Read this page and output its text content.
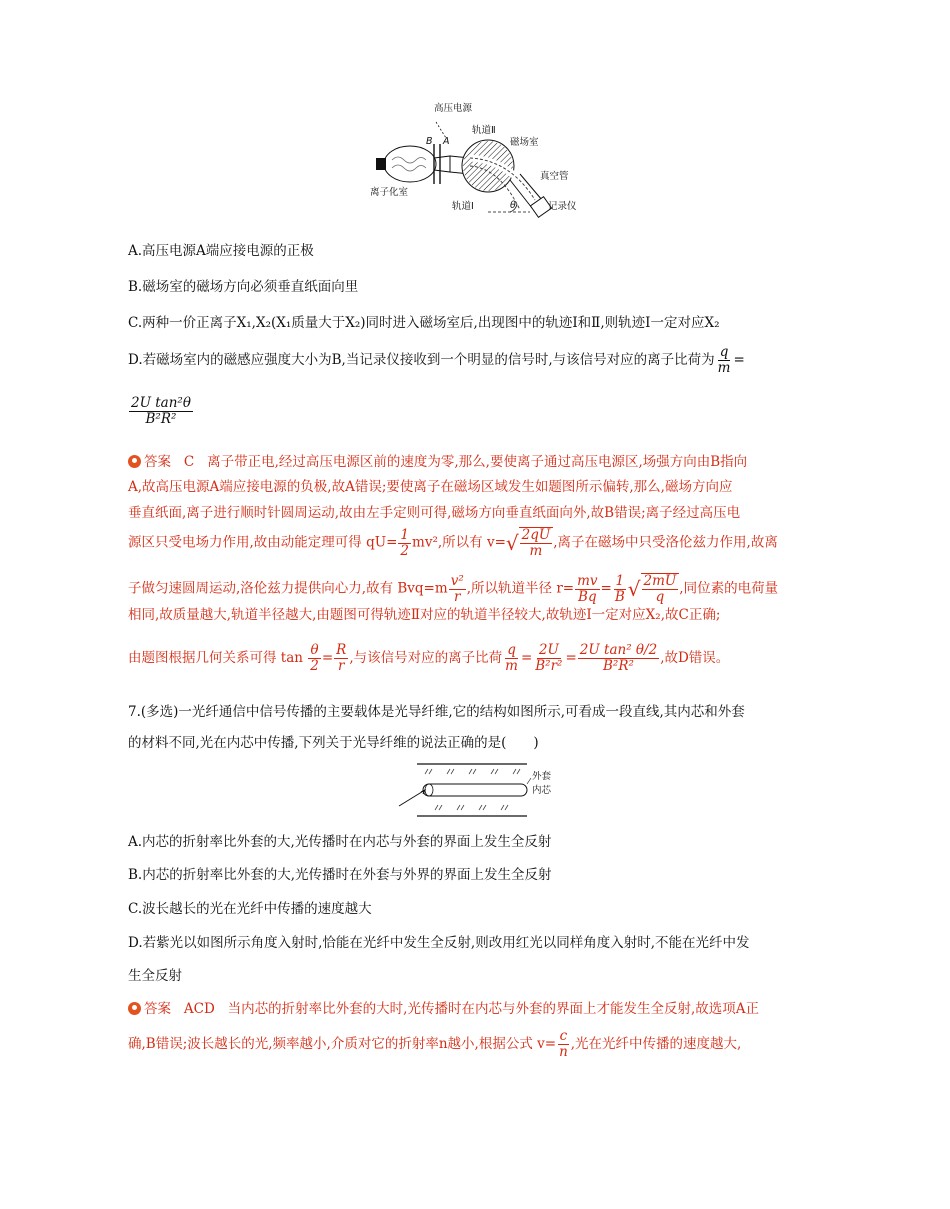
高压电源
B A
轨道Ⅱ
磁场室
离子化室
真空管
轨道Ⅰ	θ	记录仪
A.高压电源A端应接电源的正极
B.磁场室的磁场方向必须垂直纸面向里
C.两种一价正离子X₁,X₂(X₁质量大于X₂)同时进入磁场室后,出现图中的轨迹Ⅰ和Ⅱ,则轨迹Ⅰ一定对应X₂
D.若磁场室内的磁感应强度大小为B,当记录仪接收到一个明显的信号时,与该信号对应的离子比荷为 $\frac{q}{m}$ =
$\frac{\text{2U tan²θ}}{\text{B²R²}}$
答案 C 离子带正电,经过高压电源区前的速度为零,那么,要使离子通过高压电源区,场强方向由B指向
A,故高压电源A端应接电源的负极,故A错误;要使离子在磁场区域发生如题图所示偏转,那么,磁场方向应
垂直纸面,离子进行顺时针圆周运动,故由左手定则可得,磁场方向垂直纸面向外,故B错误;离子经过高压电
源区只受电场力作用,故由动能定理可得 $qU= \frac{1}{2} mv^2$,所以有 v= √ $\frac{2qU}{m}$ ,离子在磁场中只受洛伦兹力作用,故离
子做匀速圆周运动,洛伦兹力提供向心力,故有 $Bvq=m \frac{\text{v²}}{r}$ ,所以轨道半径 $r= \frac{mv}{Bq} = \frac{1}{B}$ √ $\frac{2mU}{q}$ ,同位素的电荷量
相同,故质量越大,轨道半径越大,由题图可得轨迹Ⅱ对应的轨道半径较大,故轨迹Ⅰ一定对应X₂,故C正确;
由题图根据几何关系可得 $\tan \frac{\theta}{2} = \frac{R}{r}$ ,与该信号对应的离子比荷 $\frac{q}{m} = \frac{2U}{\text{B²r²}} = \frac{\text{2U tan² θ/2}}{\text{B²R²}}$ ,故D错误。
7.(多选)一光纤通信中信号传播的主要载体是光导纤维,它的结构如图所示,可看成一段直线,其内芯和外套
的材料不同,光在内芯中传播,下列关于光导纤维的说法正确的是(　　)
外套
内芯
A.内芯的折射率比外套的大,光传播时在内芯与外套的界面上发生全反射
B.内芯的折射率比外套的大,光传播时在外套与外界的界面上发生全反射
C.波长越长的光在光纤中传播的速度越大
D.若紫光以如图所示角度入射时,恰能在光纤中发生全反射,则改用红光以同样角度入射时,不能在光纤中发
生全反射
答案 ACD 当内芯的折射率比外套的大时,光传播时在内芯与外套的界面上才能发生全反射,故选项A正
确,B错误;波长越长的光,频率越小,介质对它的折射率n越小,根据公式 $v= \frac{c}{n}$ ,光在光纤中传播的速度越大,
